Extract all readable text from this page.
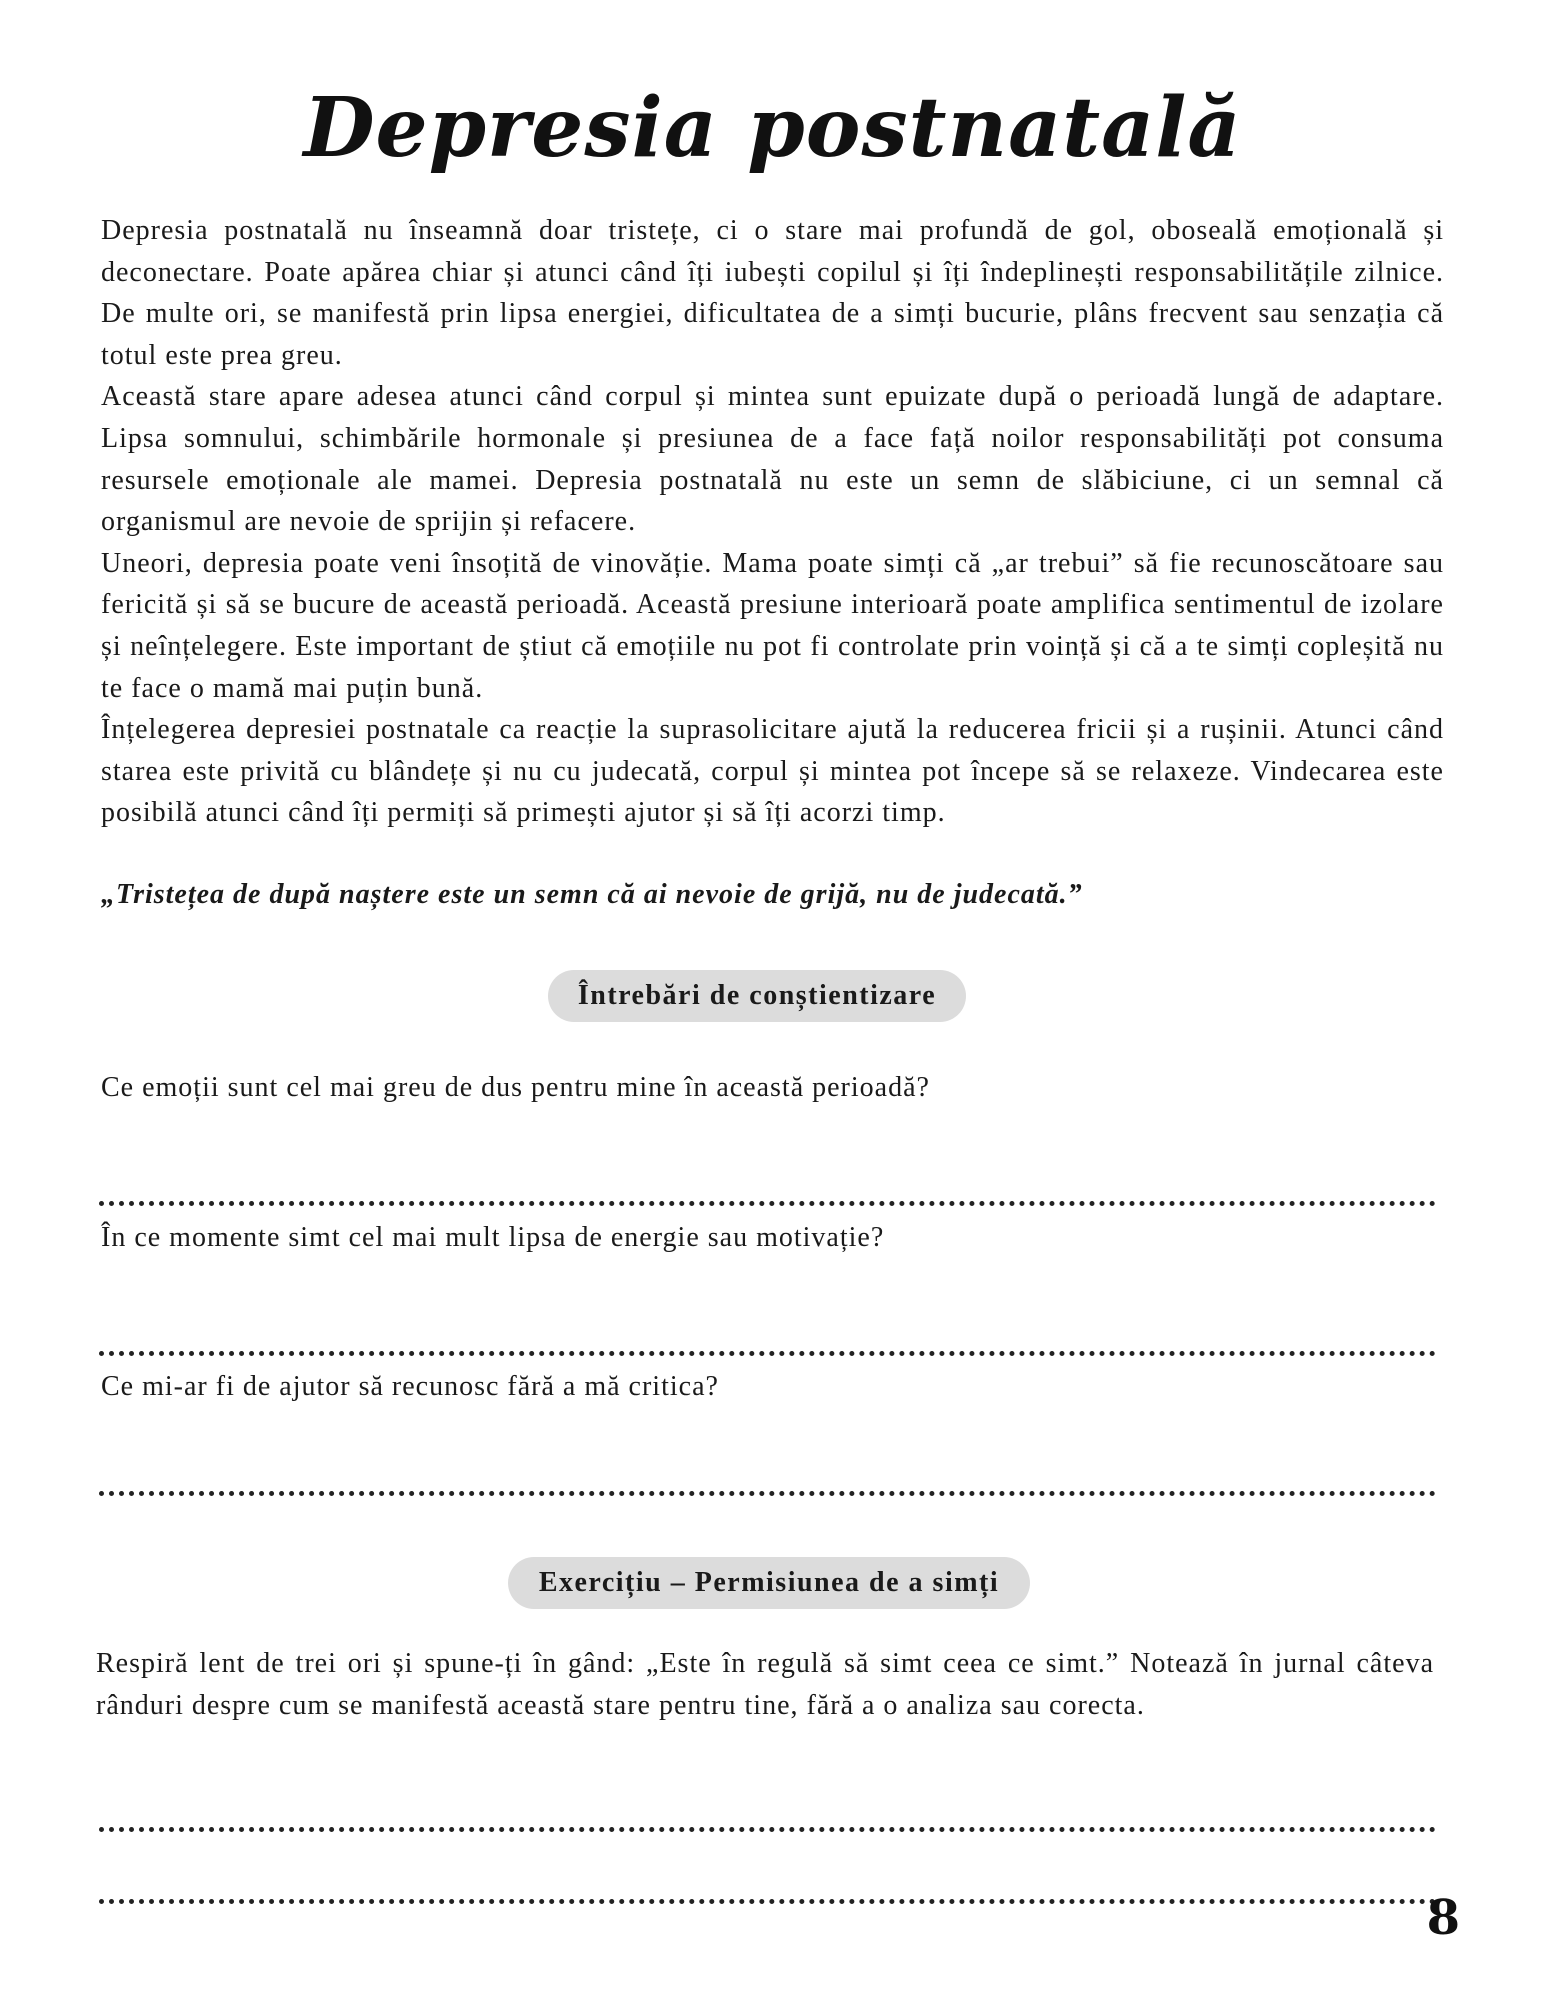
Depresia postnatală

Depresia postnatală nu înseamnă doar tristețe, ci o stare mai profundă de gol, oboseală emoțională și deconectare. Poate apărea chiar și atunci când îți iubești copilul și îți îndeplinești responsabilitățile zilnice. De multe ori, se manifestă prin lipsa energiei, dificultatea de a simți bucurie, plâns frecvent sau senzația că totul este prea greu.

Această stare apare adesea atunci când corpul și mintea sunt epuizate după o perioadă lungă de adaptare. Lipsa somnului, schimbările hormonale și presiunea de a face față noilor responsabilități pot consuma resursele emoționale ale mamei. Depresia postnatală nu este un semn de slăbiciune, ci un semnal că organismul are nevoie de sprijin și refacere.

Uneori, depresia poate veni însoțită de vinovăție. Mama poate simți că „ar trebui” să fie recunoscătoare sau fericită și să se bucure de această perioadă. Această presiune interioară poate amplifica sentimentul de izolare și neînțelegere. Este important de știut că emoțiile nu pot fi controlate prin voință și că a te simți copleșită nu te face o mamă mai puțin bună.

Înțelegerea depresiei postnatale ca reacție la suprasolicitare ajută la reducerea fricii și a rușinii. Atunci când starea este privită cu blândețe și nu cu judecată, corpul și mintea pot începe să se relaxeze. Vindecarea este posibilă atunci când îți permiți să primești ajutor și să îți acorzi timp.

„Tristețea de după naștere este un semn că ai nevoie de grijă, nu de judecată.”
Întrebări de conștientizare
Ce emoții sunt cel mai greu de dus pentru mine în această perioadă?
În ce momente simt cel mai mult lipsa de energie sau motivație?
Ce mi-ar fi de ajutor să recunosc fără a mă critica?
Exercițiu – Permisiunea de a simți
Respiră lent de trei ori și spune-ți în gând: „Este în regulă să simt ceea ce simt.” Notează în jurnal câteva rânduri despre cum se manifestă această stare pentru tine, fără a o analiza sau corecta.
8
